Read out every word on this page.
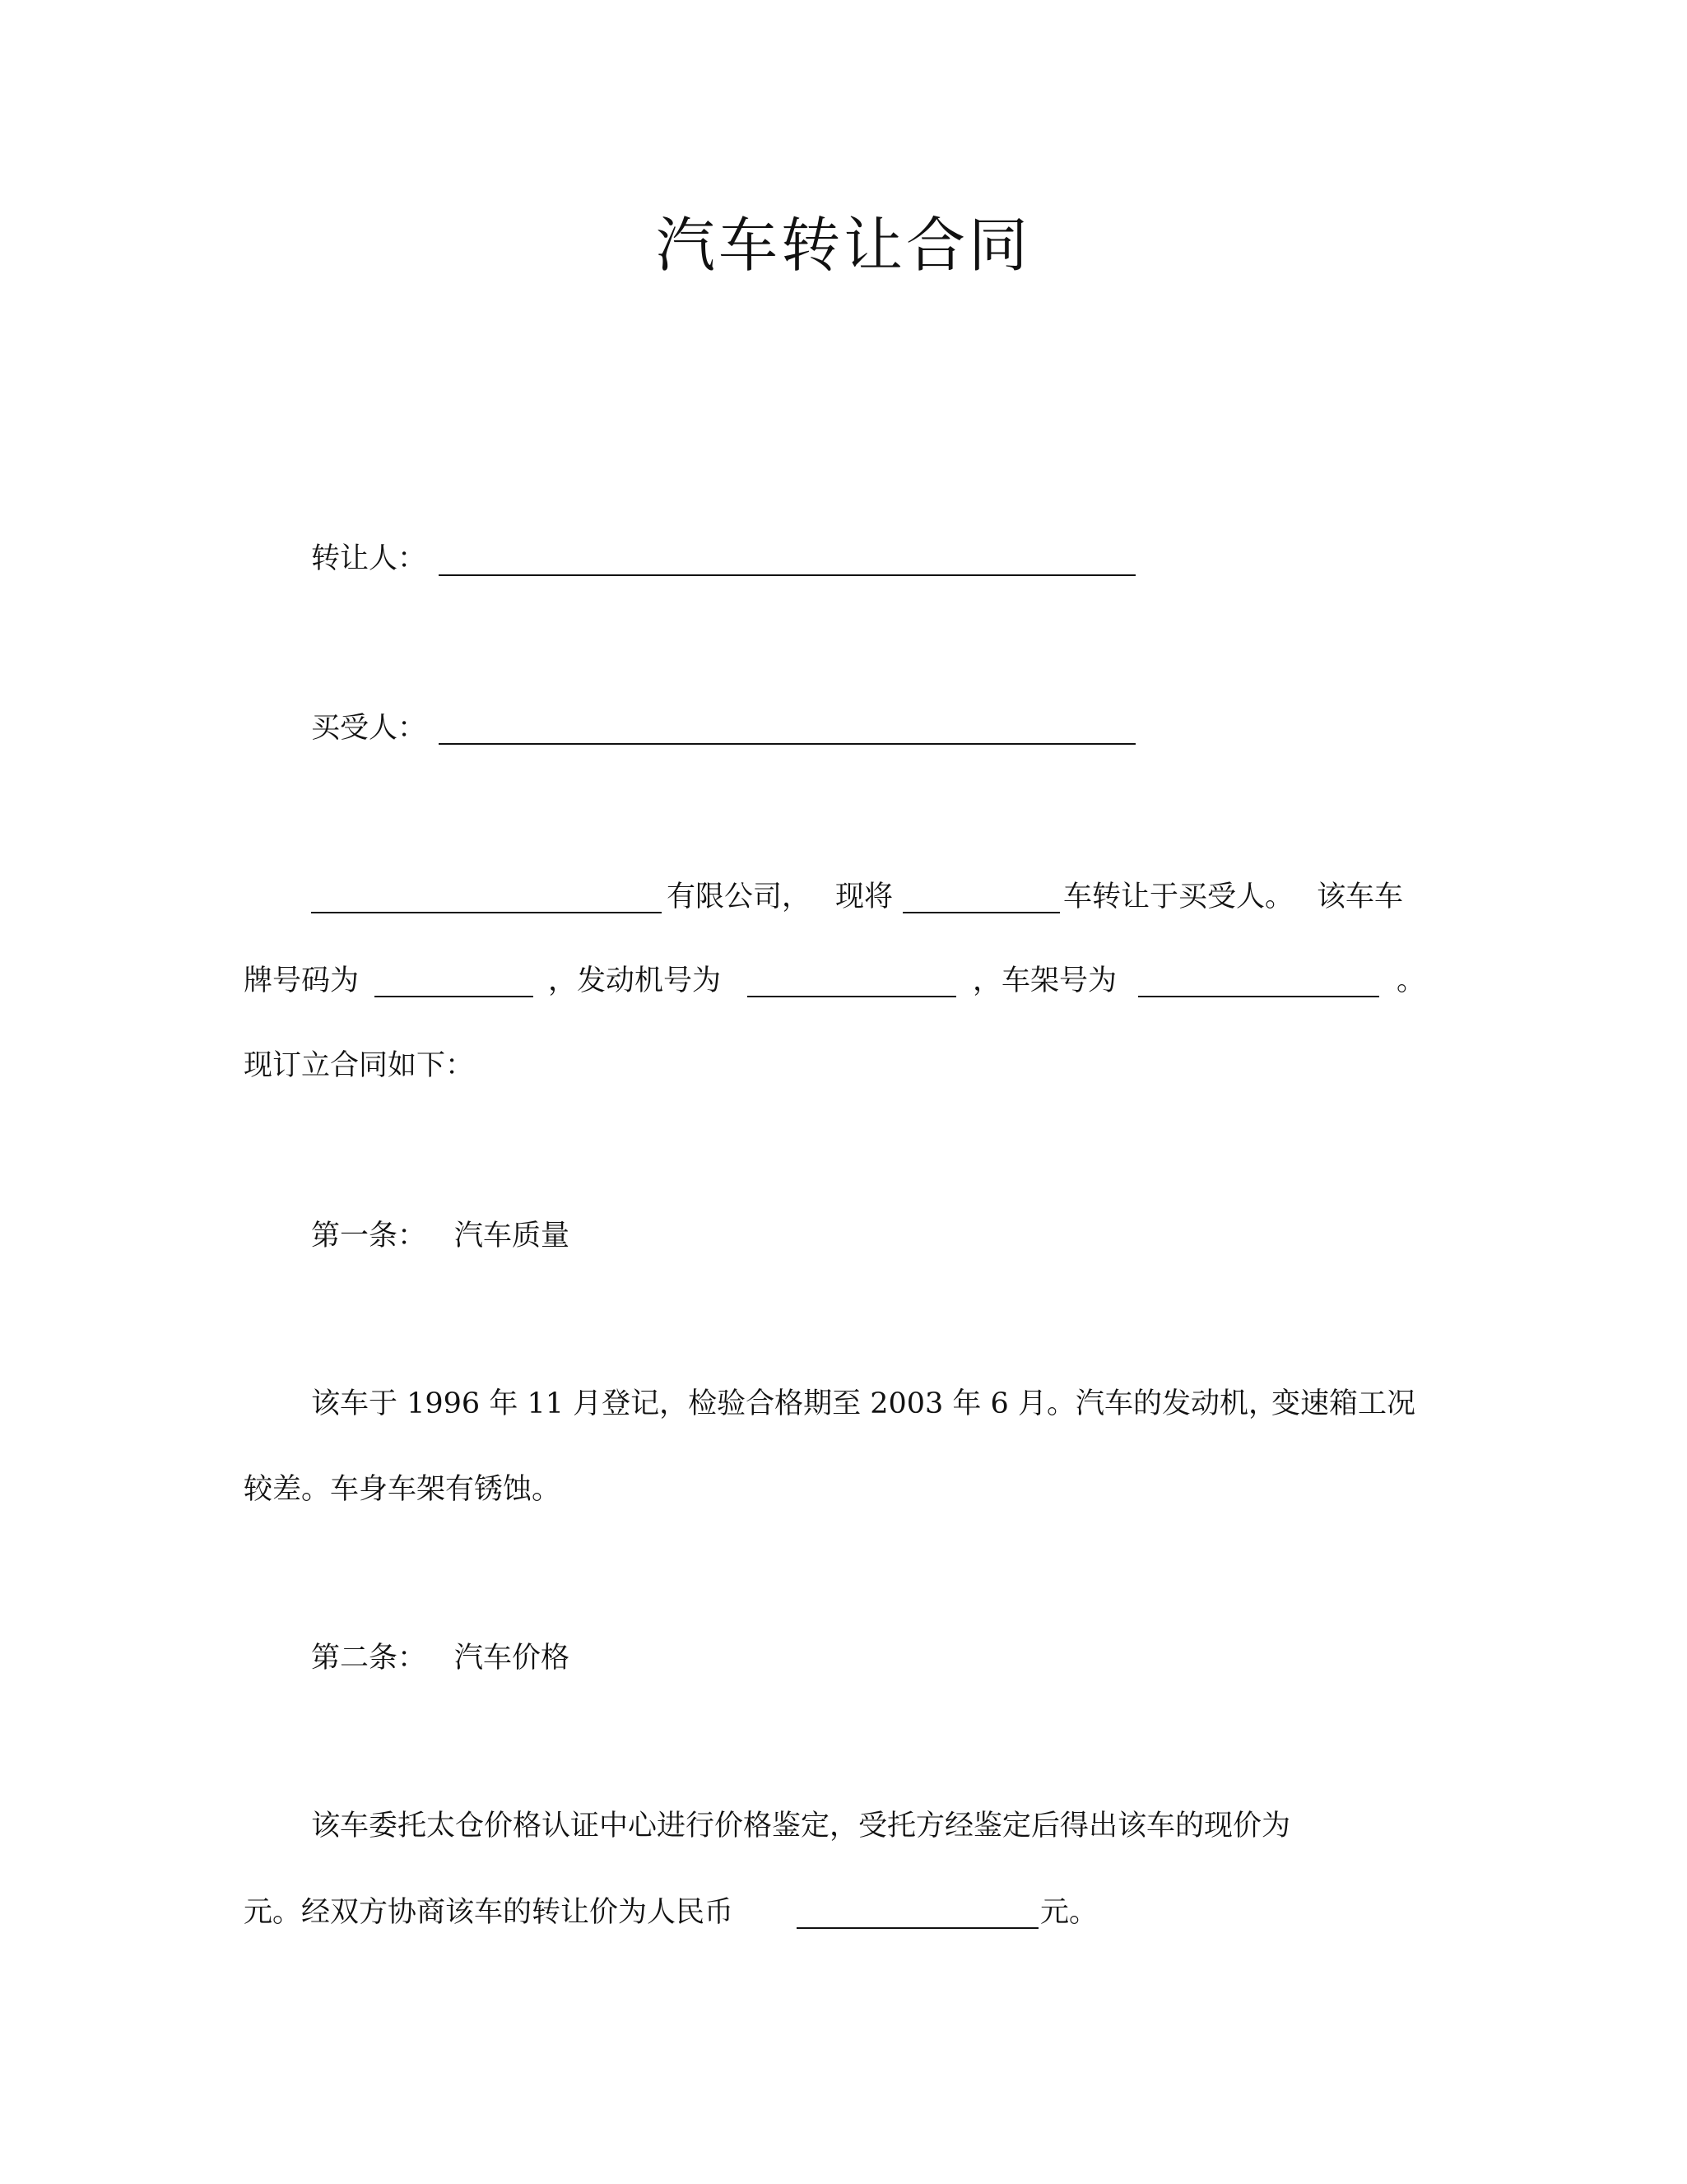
汽车转让合同
转让人：
买受人：
有限公司， 现将	车转让于买受人。 该车车
牌号码为	，发动机号为	，车架号为	。
现订立合同如下：
第一条： 汽车质量
该车于 1996 年 11 月登记，检验合格期至 2003 年 6 月。汽车的发动机，
变速箱工况
较差。车身车架有锈蚀。
第二条： 汽车价格
该车委托太仓价格认证中心进行价格鉴定，受托方经鉴定后得出该车的现价为
元。经双方协商该车的转让价为人民币	元。
